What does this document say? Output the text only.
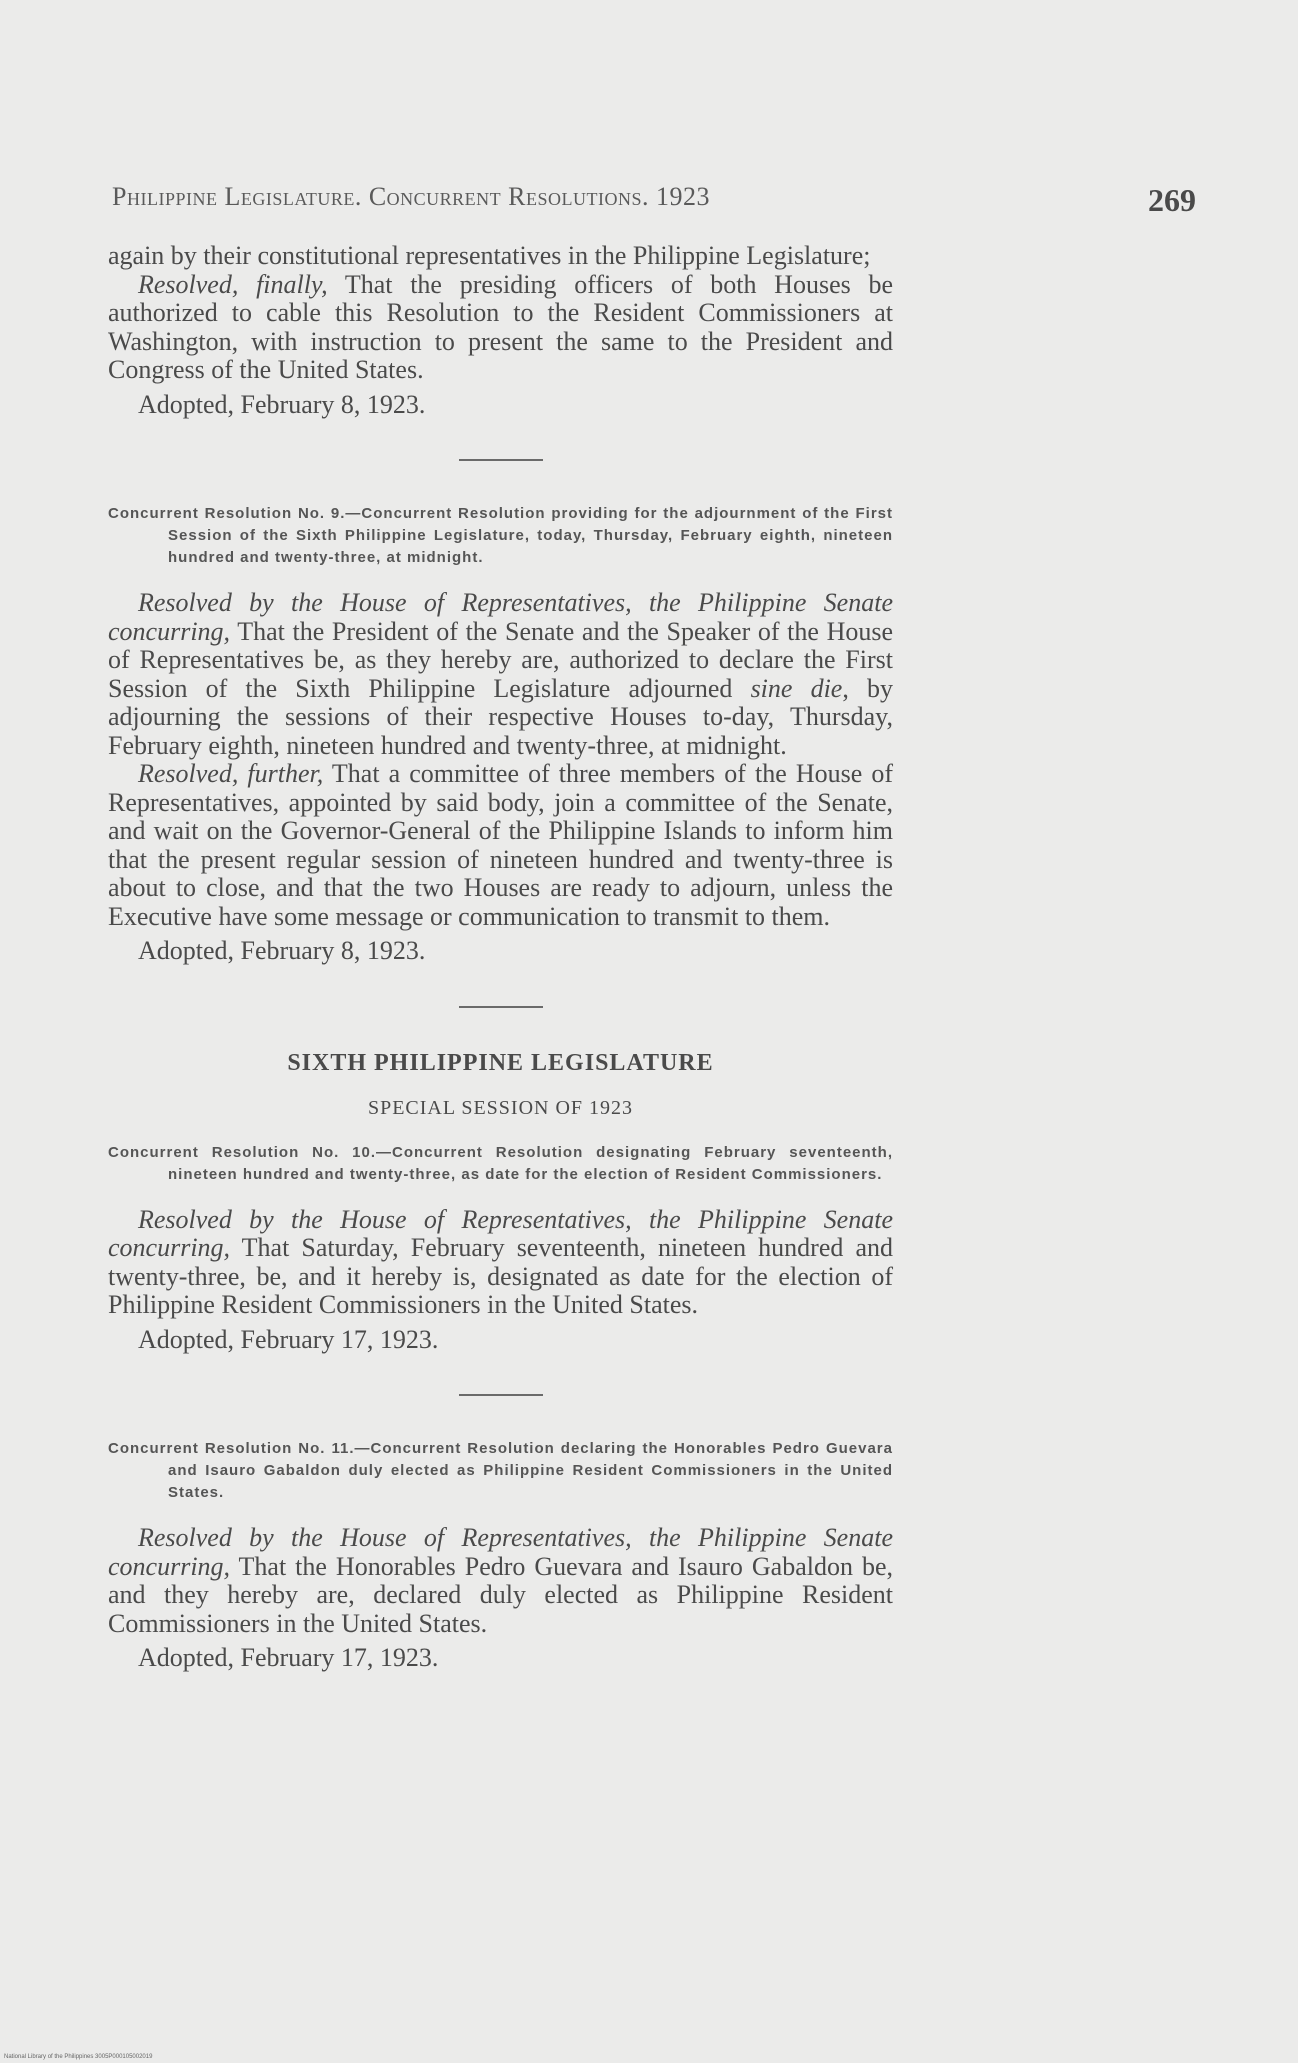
Philippine Legislature. Concurrent Resolutions. 1923	269

again by their constitutional representatives in the Philippine Legislature;

Resolved, finally, That the presiding officers of both Houses be authorized to cable this Resolution to the Resident Commissioners at Washington, with instruction to present the same to the President and Congress of the United States.

Adopted, February 8, 1923.

Concurrent Resolution No. 9.—Concurrent Resolution providing for the adjournment of the First Session of the Sixth Philippine Legislature, today, Thursday, February eighth, nineteen hundred and twenty-three, at midnight.

Resolved by the House of Representatives, the Philippine Senate concurring, That the President of the Senate and the Speaker of the House of Representatives be, as they hereby are, authorized to declare the First Session of the Sixth Philippine Legislature adjourned sine die, by adjourning the sessions of their respective Houses to-day, Thursday, February eighth, nineteen hundred and twenty-three, at midnight.

Resolved, further, That a committee of three members of the House of Representatives, appointed by said body, join a committee of the Senate, and wait on the Governor-General of the Philippine Islands to inform him that the present regular session of nineteen hundred and twenty-three is about to close, and that the two Houses are ready to adjourn, unless the Executive have some message or communication to transmit to them.

Adopted, February 8, 1923.

SIXTH PHILIPPINE LEGISLATURE
SPECIAL SESSION OF 1923
Concurrent Resolution No. 10.—Concurrent Resolution designating February seventeenth, nineteen hundred and twenty-three, as date for the election of Resident Commissioners.

Resolved by the House of Representatives, the Philippine Senate concurring, That Saturday, February seventeenth, nineteen hundred and twenty-three, be, and it hereby is, designated as date for the election of Philippine Resident Commissioners in the United States.

Adopted, February 17, 1923.

Concurrent Resolution No. 11.—Concurrent Resolution declaring the Honorables Pedro Guevara and Isauro Gabaldon duly elected as Philippine Resident Commissioners in the United States.

Resolved by the House of Representatives, the Philippine Senate concurring, That the Honorables Pedro Guevara and Isauro Gabaldon be, and they hereby are, declared duly elected as Philippine Resident Commissioners in the United States.

Adopted, February 17, 1923.

National Library of the Philippines 3005P000105002019
